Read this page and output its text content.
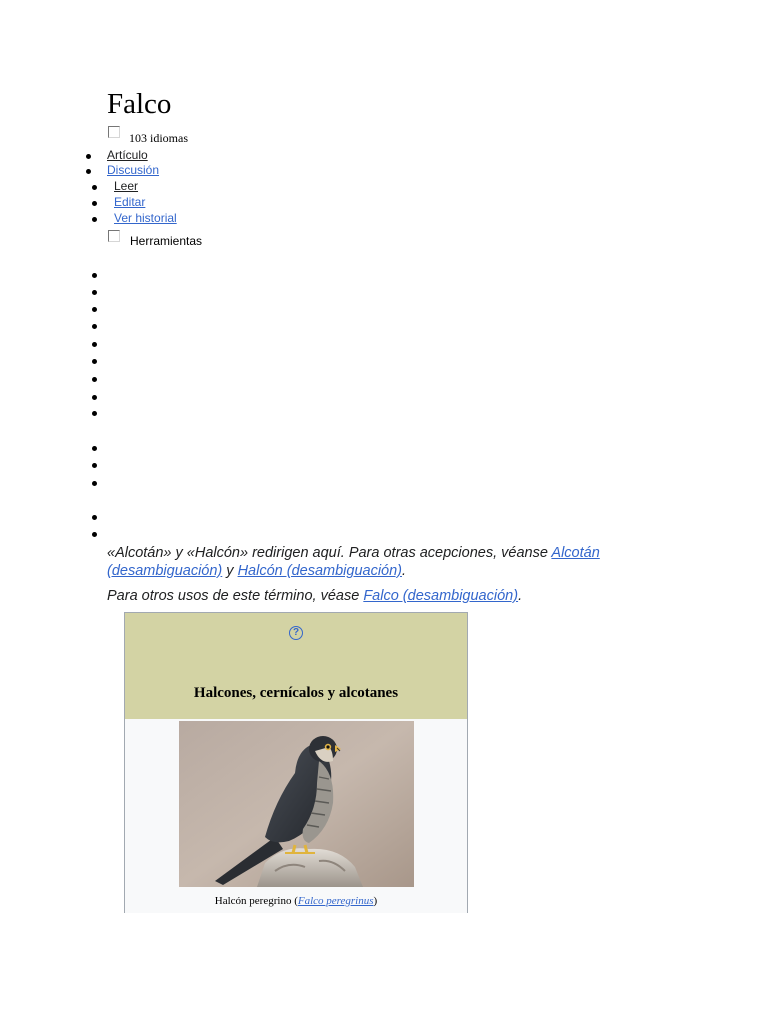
Falco
103 idiomas
Artículo
Discusión
Leer
Editar
Ver historial
Herramientas

«Alcotán» y «Halcón» redirigen aquí. Para otras acepciones, véanse Alcotán (desambiguación) y Halcón (desambiguación).

Para otros usos de este término, véase Falco (desambiguación).

?
Halcones, cernícalos y alcotanes
Halcón peregrino (Falco peregrinus)
